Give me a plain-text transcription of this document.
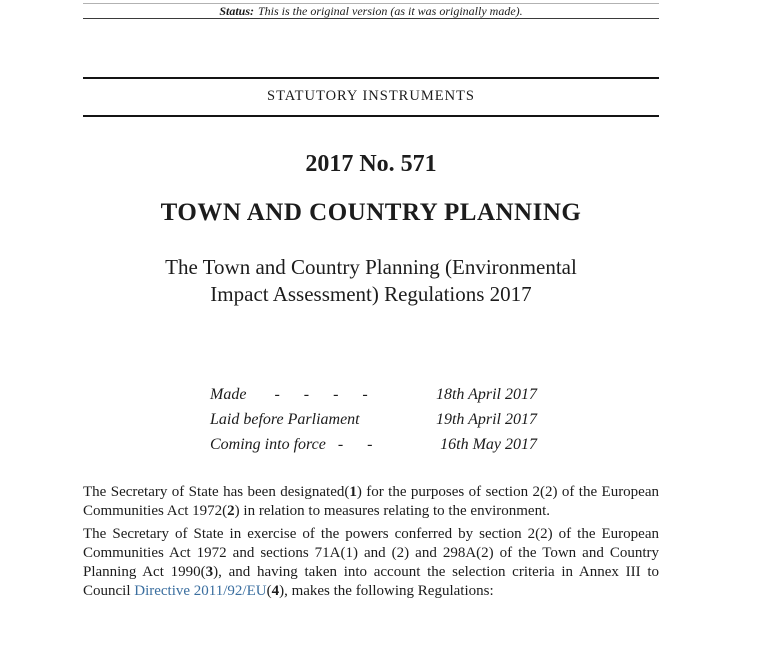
Status: This is the original version (as it was originally made).
STATUTORY INSTRUMENTS
2017 No. 571
TOWN AND COUNTRY PLANNING
The Town and Country Planning (Environmental Impact Assessment) Regulations 2017
Made       -      -      -      -	18th April 2017
Laid before Parliament	19th April 2017
Coming into force   -      -	16th May 2017

The Secretary of State has been designated(1) for the purposes of section 2(2) of the European Communities Act 1972(2) in relation to measures relating to the environment.

The Secretary of State in exercise of the powers conferred by section 2(2) of the European Communities Act 1972 and sections 71A(1) and (2) and 298A(2) of the Town and Country Planning Act 1990(3), and having taken into account the selection criteria in Annex III to Council Directive 2011/92/EU(4), makes the following Regulations:
